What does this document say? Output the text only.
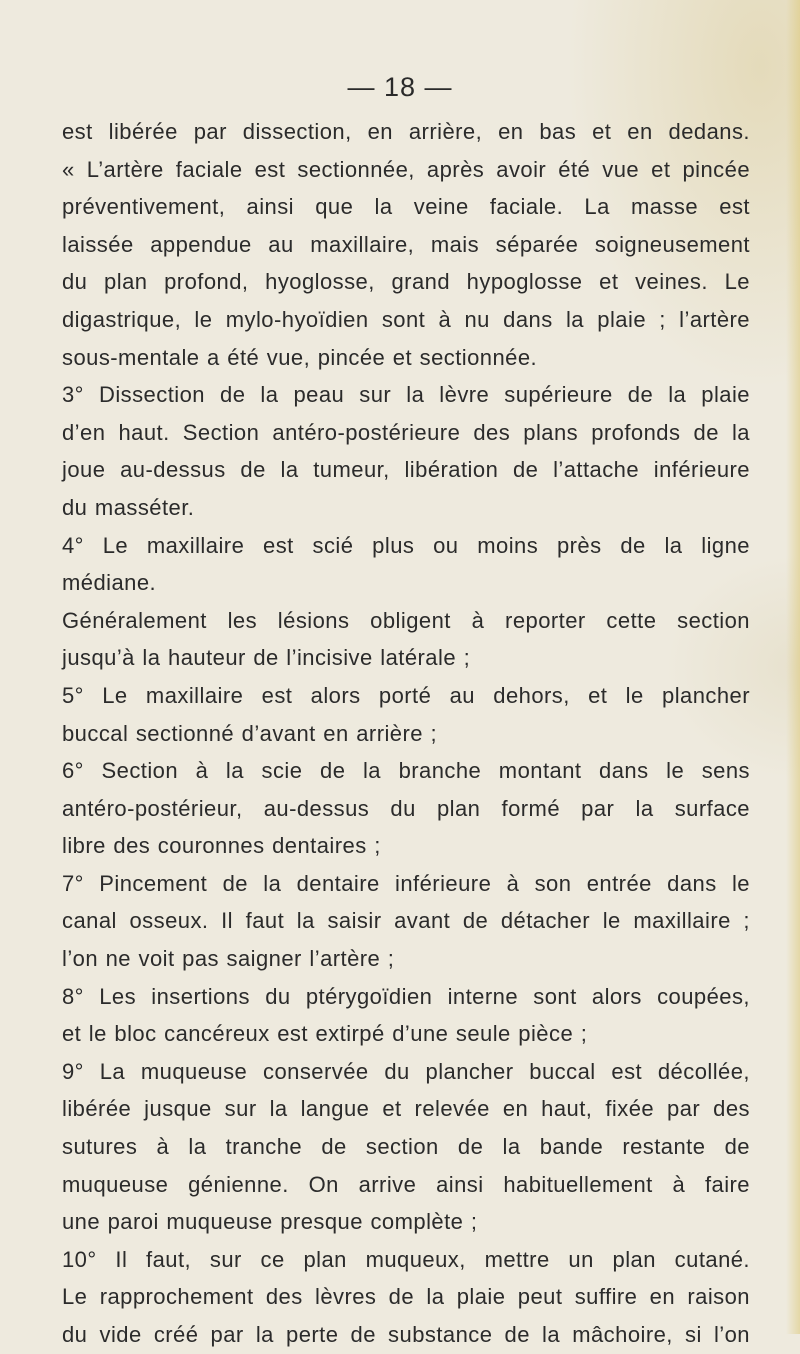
— 18 —
est libérée par dissection, en arrière, en bas et en dedans.
« L’artère faciale est sectionnée, après avoir été vue et pincée
préventivement, ainsi que la veine faciale. La masse est
laissée appendue au maxillaire, mais séparée soigneusement
du plan profond, hyoglosse, grand hypoglosse et veines. Le
digastrique, le mylo-hyoïdien sont à nu dans la plaie ; l’artère
sous-mentale a été vue, pincée et sectionnée.
3° Dissection de la peau sur la lèvre supérieure de la plaie
d’en haut. Section antéro-postérieure des plans profonds de la
joue au-dessus de la tumeur, libération de l’attache inférieure
du masséter.
4° Le maxillaire est scié plus ou moins près de la ligne
médiane.
Généralement les lésions obligent à reporter cette section
jusqu’à la hauteur de l’incisive latérale ;
5° Le maxillaire est alors porté au dehors, et le plancher
buccal sectionné d’avant en arrière ;
6° Section à la scie de la branche montant dans le sens
antéro-postérieur, au-dessus du plan formé par la surface
libre des couronnes dentaires ;
7° Pincement de la dentaire inférieure à son entrée dans le
canal osseux. Il faut la saisir avant de détacher le maxillaire ;
l’on ne voit pas saigner l’artère ;
8° Les insertions du ptérygoïdien interne sont alors coupées,
et le bloc cancéreux est extirpé d’une seule pièce ;
9° La muqueuse conservée du plancher buccal est décollée,
libérée jusque sur la langue et relevée en haut, fixée par des
sutures à la tranche de section de la bande restante de
muqueuse génienne. On arrive ainsi habituellement à faire
une paroi muqueuse presque complète ;
10° Il faut, sur ce plan muqueux, mettre un plan cutané.
Le rapprochement des lèvres de la plaie peut suffire en raison
du vide créé par la perte de substance de la mâchoire, si l’on
